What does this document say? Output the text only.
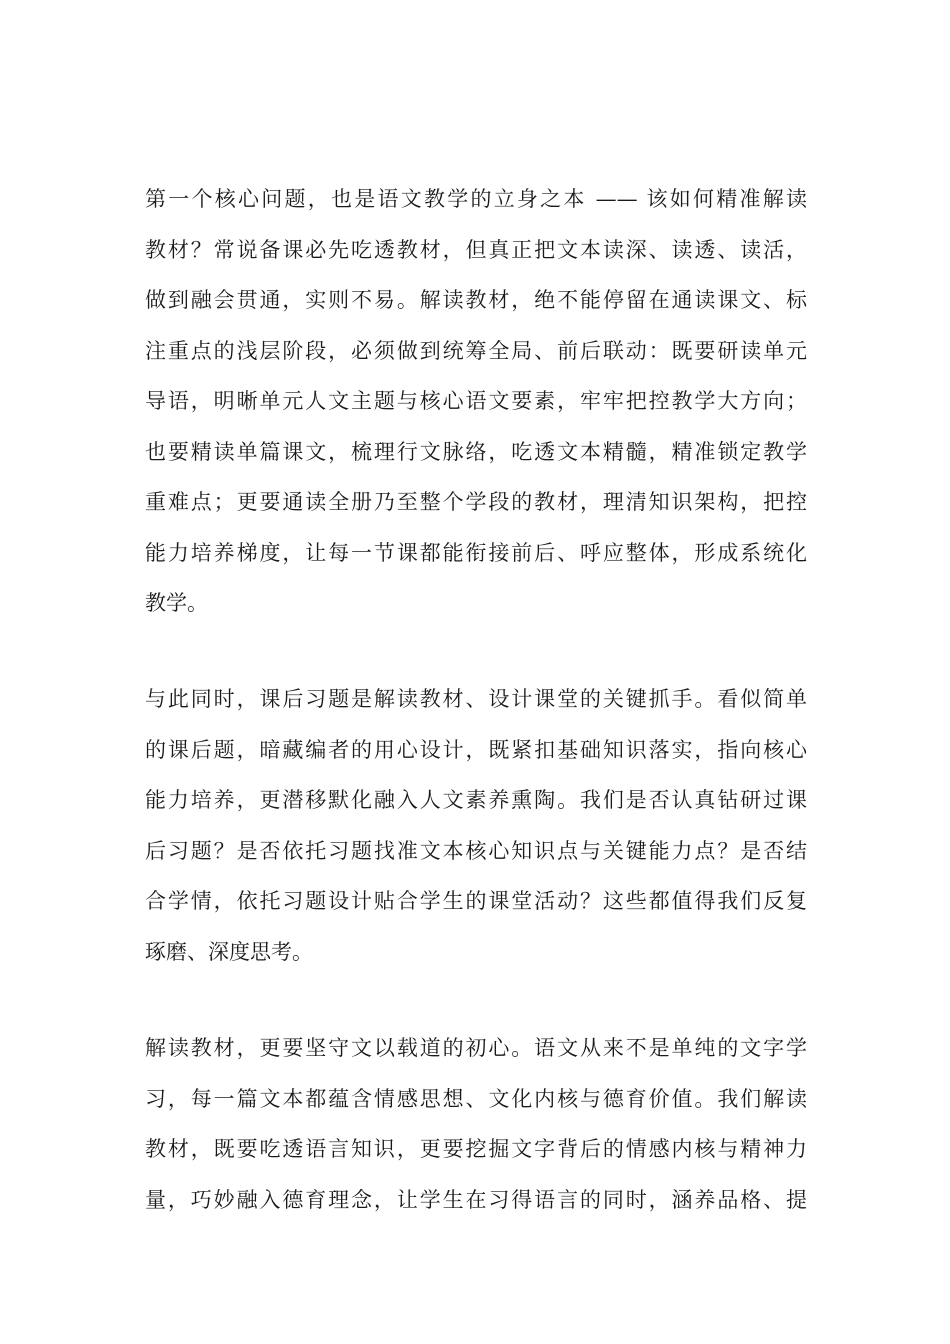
第一个核心问题，也是语文教学的立身之本 —— 该如何精准解读
教材？常说备课必先吃透教材，但真正把文本读深、读透、读活，
做到融会贯通，实则不易。解读教材，绝不能停留在通读课文、标
注重点的浅层阶段，必须做到统筹全局、前后联动：既要研读单元
导语，明晰单元人文主题与核心语文要素，牢牢把控教学大方向；
也要精读单篇课文，梳理行文脉络，吃透文本精髓，精准锁定教学
重难点；更要通读全册乃至整个学段的教材，理清知识架构，把控
能力培养梯度，让每一节课都能衔接前后、呼应整体，形成系统化
教学。

与此同时，课后习题是解读教材、设计课堂的关键抓手。看似简单
的课后题，暗藏编者的用心设计，既紧扣基础知识落实，指向核心
能力培养，更潜移默化融入人文素养熏陶。我们是否认真钻研过课
后习题？是否依托习题找准文本核心知识点与关键能力点？是否结
合学情，依托习题设计贴合学生的课堂活动？这些都值得我们反复
琢磨、深度思考。

解读教材，更要坚守文以载道的初心。语文从来不是单纯的文字学
习，每一篇文本都蕴含情感思想、文化内核与德育价值。我们解读
教材，既要吃透语言知识，更要挖掘文字背后的情感内核与精神力
量，巧妙融入德育理念，让学生在习得语言的同时，涵养品格、提
